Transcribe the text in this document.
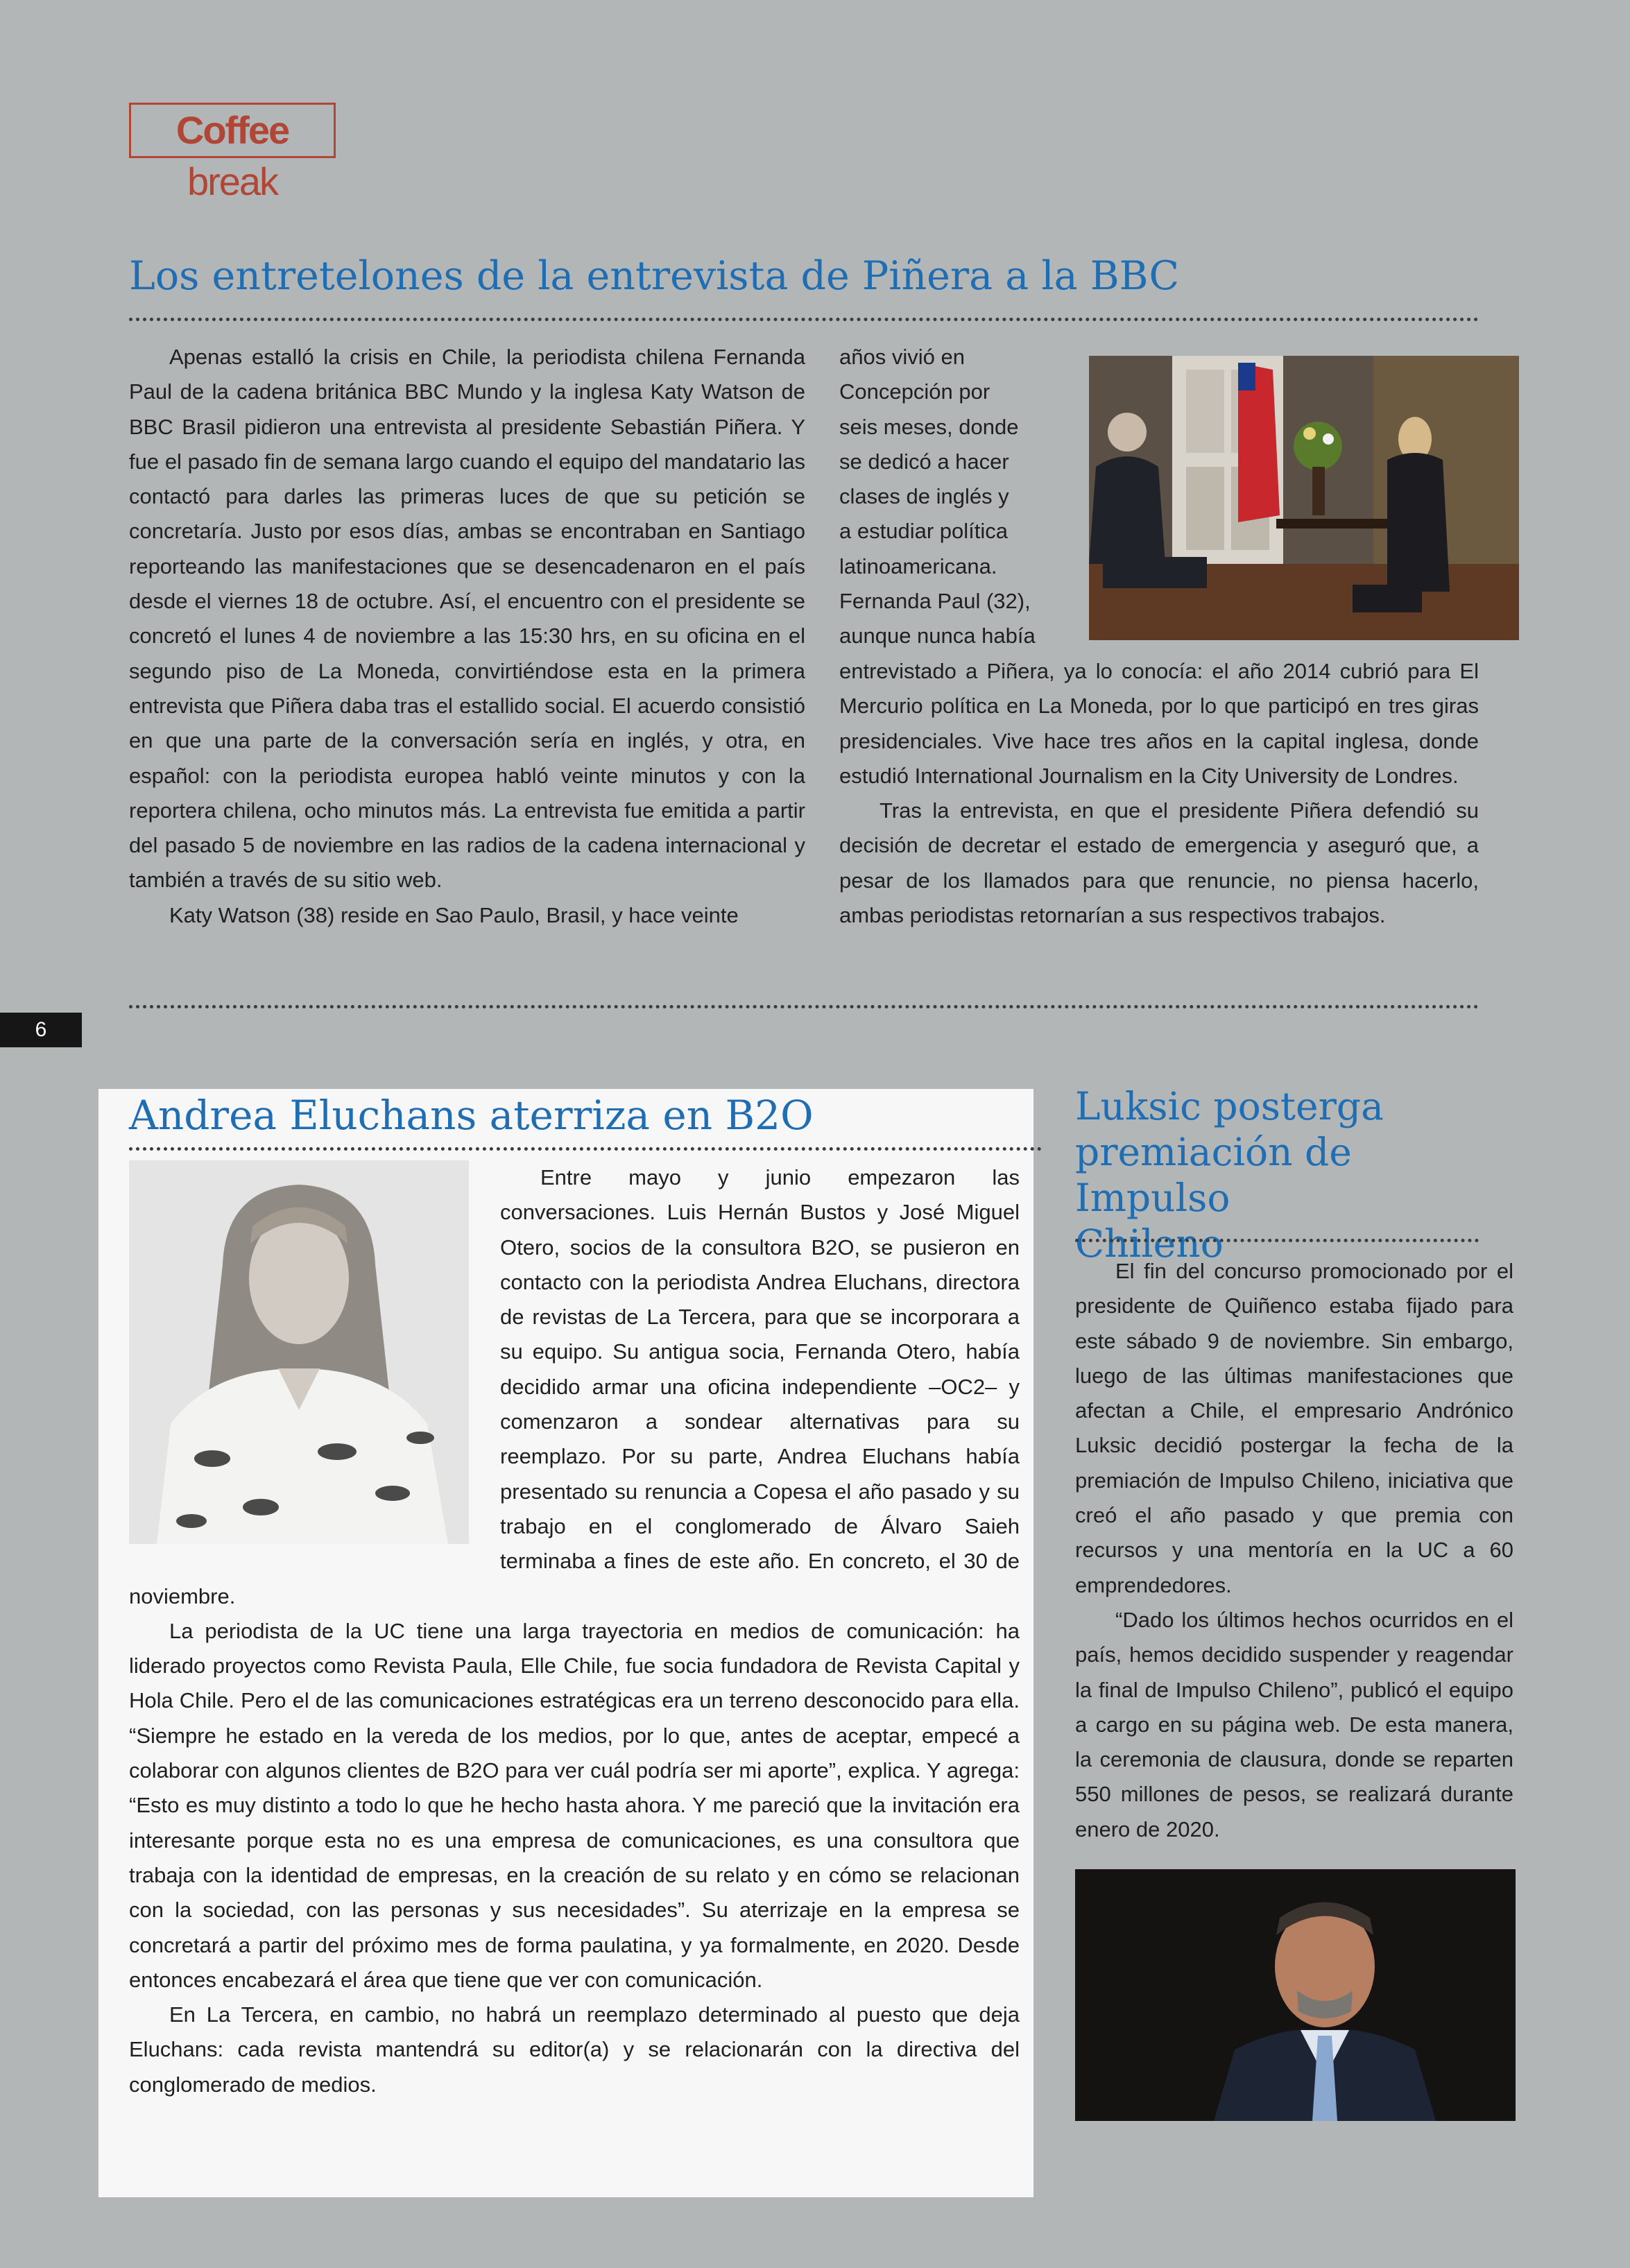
Coffee break
Los entretelones de la entrevista de Piñera a la BBC

Apenas estalló la crisis en Chile, la periodista chilena Fernanda Paul de la cadena británica BBC Mundo y la inglesa Katy Watson de BBC Brasil pidieron una entrevista al presidente Sebastián Piñera. Y fue el pasado fin de semana largo cuando el equipo del mandatario las contactó para darles las primeras luces de que su petición se concretaría. Justo por esos días, ambas se encontraban en Santiago reporteando las manifestaciones que se desencadenaron en el país desde el viernes 18 de octubre. Así, el encuentro con el presidente se concretó el lunes 4 de noviembre a las 15:30 hrs, en su oficina en el segundo piso de La Moneda, convirtiéndose esta en la primera entrevista que Piñera daba tras el estallido social. El acuerdo consistió en que una parte de la conversación sería en inglés, y otra, en español: con la periodista europea habló veinte minutos y con la reportera chilena, ocho minutos más. La entrevista fue emitida a partir del pasado 5 de noviembre en las radios de la cadena internacional y también a través de su sitio web.

Katy Watson (38) reside en Sao Paulo, Brasil, y hace veinte

años vivió en
Concepción por
seis meses, donde
se dedicó a hacer
clases de inglés y
a estudiar política
latinoamericana.
Fernanda Paul (32),
aunque nunca había

entrevistado a Piñera, ya lo conocía: el año 2014 cubrió para El Mercurio política en La Moneda, por lo que participó en tres giras presidenciales. Vive hace tres años en la capital inglesa, donde estudió International Journalism en la City University de Londres.

Tras la entrevista, en que el presidente Piñera defendió su decisión de decretar el estado de emergencia y aseguró que, a pesar de los llamados para que renuncie, no piensa hacerlo, ambas periodistas retornarían a sus respectivos trabajos.

6
Andrea Eluchans aterriza en B2O

Entre mayo y junio empezaron las conversaciones. Luis Hernán Bustos y José Miguel Otero, socios de la consultora B2O, se pusieron en contacto con la periodista Andrea Eluchans, directora de revistas de La Tercera, para que se incorporara a su equipo. Su antigua socia, Fernanda Otero, había decidido armar una oficina independiente –OC2– y comenzaron a sondear alternativas para su reemplazo. Por su parte, Andrea Eluchans había presentado su renuncia a Copesa el año pasado y su trabajo en el conglomerado de Álvaro Saieh terminaba a fines de este año. En concreto, el 30 de noviembre.

La periodista de la UC tiene una larga trayectoria en medios de comunicación: ha liderado proyectos como Revista Paula, Elle Chile, fue socia fundadora de Revista Capital y Hola Chile. Pero el de las comunicaciones estratégicas era un terreno desconocido para ella. “Siempre he estado en la vereda de los medios, por lo que, antes de aceptar, empecé a colaborar con algunos clientes de B2O para ver cuál podría ser mi aporte”, explica. Y agrega: “Esto es muy distinto a todo lo que he hecho hasta ahora. Y me pareció que la invitación era interesante porque esta no es una empresa de comunicaciones, es una consultora que trabaja con la identidad de empresas, en la creación de su relato y en cómo se relacionan con la sociedad, con las personas y sus necesidades”. Su aterrizaje en la empresa se concretará a partir del próximo mes de forma paulatina, y ya formalmente, en 2020. Desde entonces encabezará el área que tiene que ver con comunicación.

En La Tercera, en cambio, no habrá un reemplazo determinado al puesto que deja Eluchans: cada revista mantendrá su editor(a) y se relacionarán con la directiva del conglomerado de medios.

Luksic posterga
premiación de Impulso
Chileno

El fin del concurso promocionado por el presidente de Quiñenco estaba fijado para este sábado 9 de noviembre. Sin embargo, luego de las últimas manifestaciones que afectan a Chile, el empresario Andrónico Luksic decidió postergar la fecha de la premiación de Impulso Chileno, iniciativa que creó el año pasado y que premia con recursos y una mentoría en la UC a 60 emprendedores.

“Dado los últimos hechos ocurridos en el país, hemos decidido suspender y reagendar la final de Impulso Chileno”, publicó el equipo a cargo en su página web. De esta manera, la ceremonia de clausura, donde se reparten 550 millones de pesos, se realizará durante enero de 2020.
